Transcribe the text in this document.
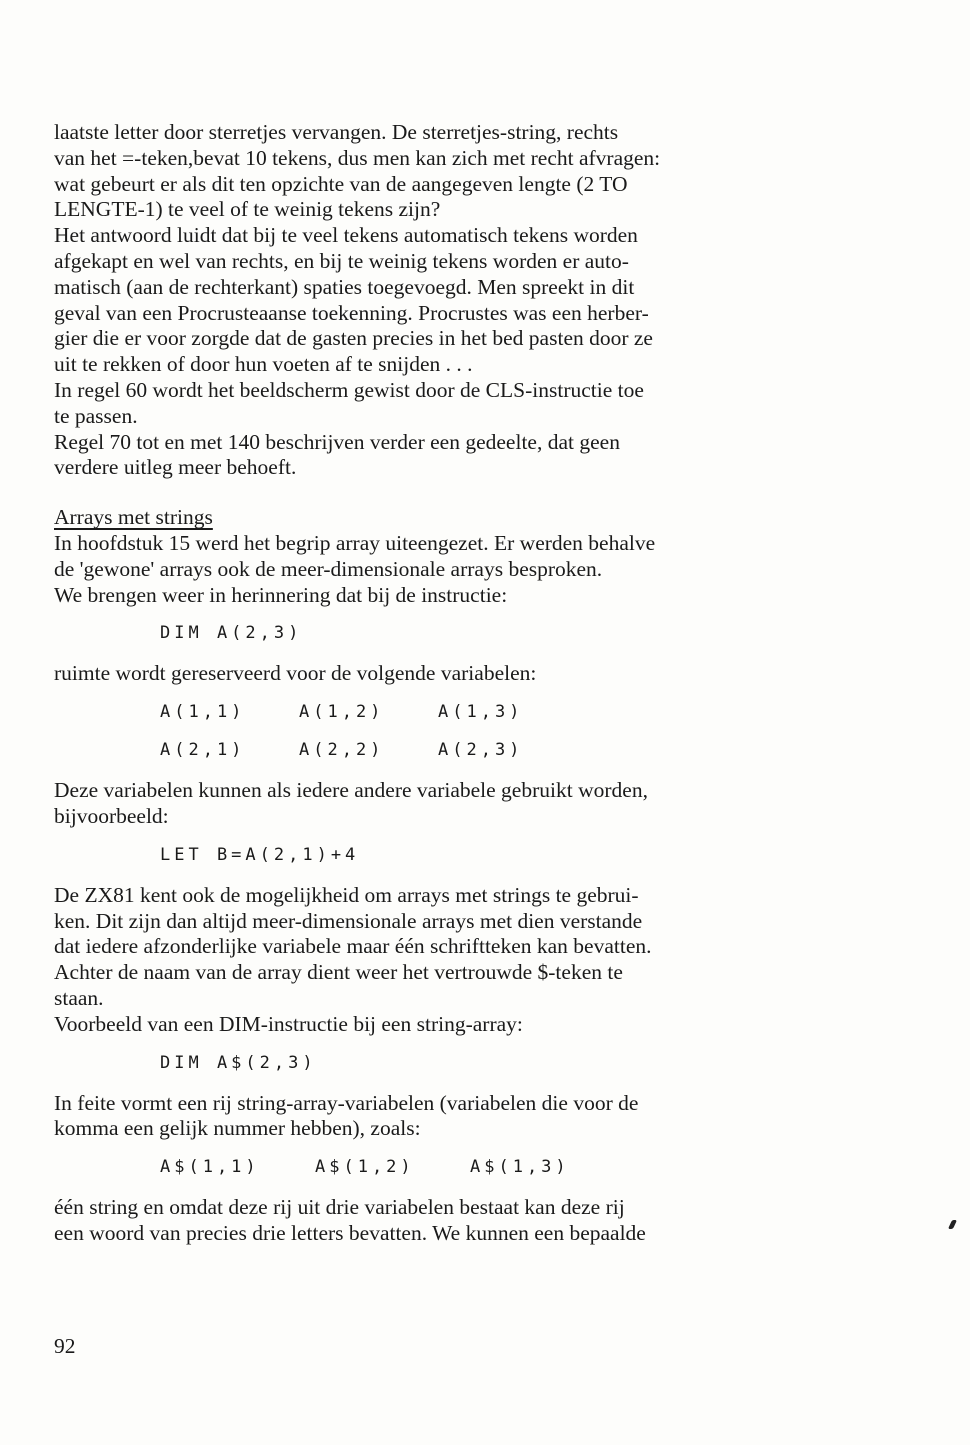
laatste letter door sterretjes vervangen. De sterretjes-string, rechts
van het =-teken,bevat 10 tekens, dus men kan zich met recht afvragen:
wat gebeurt er als dit ten opzichte van de aangegeven lengte (2 TO
LENGTE-1) te veel of te weinig tekens zijn?
Het antwoord luidt dat bij te veel tekens automatisch tekens worden
afgekapt en wel van rechts, en bij te weinig tekens worden er auto-
matisch (aan de rechterkant) spaties toegevoegd. Men spreekt in dit
geval van een Procrusteaanse toekenning. Procrustes was een herber-
gier die er voor zorgde dat de gasten precies in het bed pasten door ze
uit te rekken of door hun voeten af te snijden . . .
In regel 60 wordt het beeldscherm gewist door de CLS-instructie toe
te passen.
Regel 70 tot en met 140 beschrijven verder een gedeelte, dat geen
verdere uitleg meer behoeft.
Arrays met strings
In hoofdstuk 15 werd het begrip array uiteengezet. Er werden behalve
de 'gewone' arrays ook de meer-dimensionale arrays besproken.
We brengen weer in herinnering dat bij de instructie:
DIM A(2,3)
ruimte wordt gereserveerd voor de volgende variabelen:
A(1,1)	A(1,2)	A(1,3)
A(2,1)	A(2,2)	A(2,3)
Deze variabelen kunnen als iedere andere variabele gebruikt worden,
bijvoorbeeld:
LET B=A(2,1)+4
De ZX81 kent ook de mogelijkheid om arrays met strings te gebrui-
ken. Dit zijn dan altijd meer-dimensionale arrays met dien verstande
dat iedere afzonderlijke variabele maar één schriftteken kan bevatten.
Achter de naam van de array dient weer het vertrouwde $-teken te
staan.
Voorbeeld van een DIM-instructie bij een string-array:
DIM A$(2,3)
In feite vormt een rij string-array-variabelen (variabelen die voor de
komma een gelijk nummer hebben), zoals:
A$(1,1)	A$(1,2)	A$(1,3)
één string en omdat deze rij uit drie variabelen bestaat kan deze rij
een woord van precies drie letters bevatten. We kunnen een bepaalde
92
